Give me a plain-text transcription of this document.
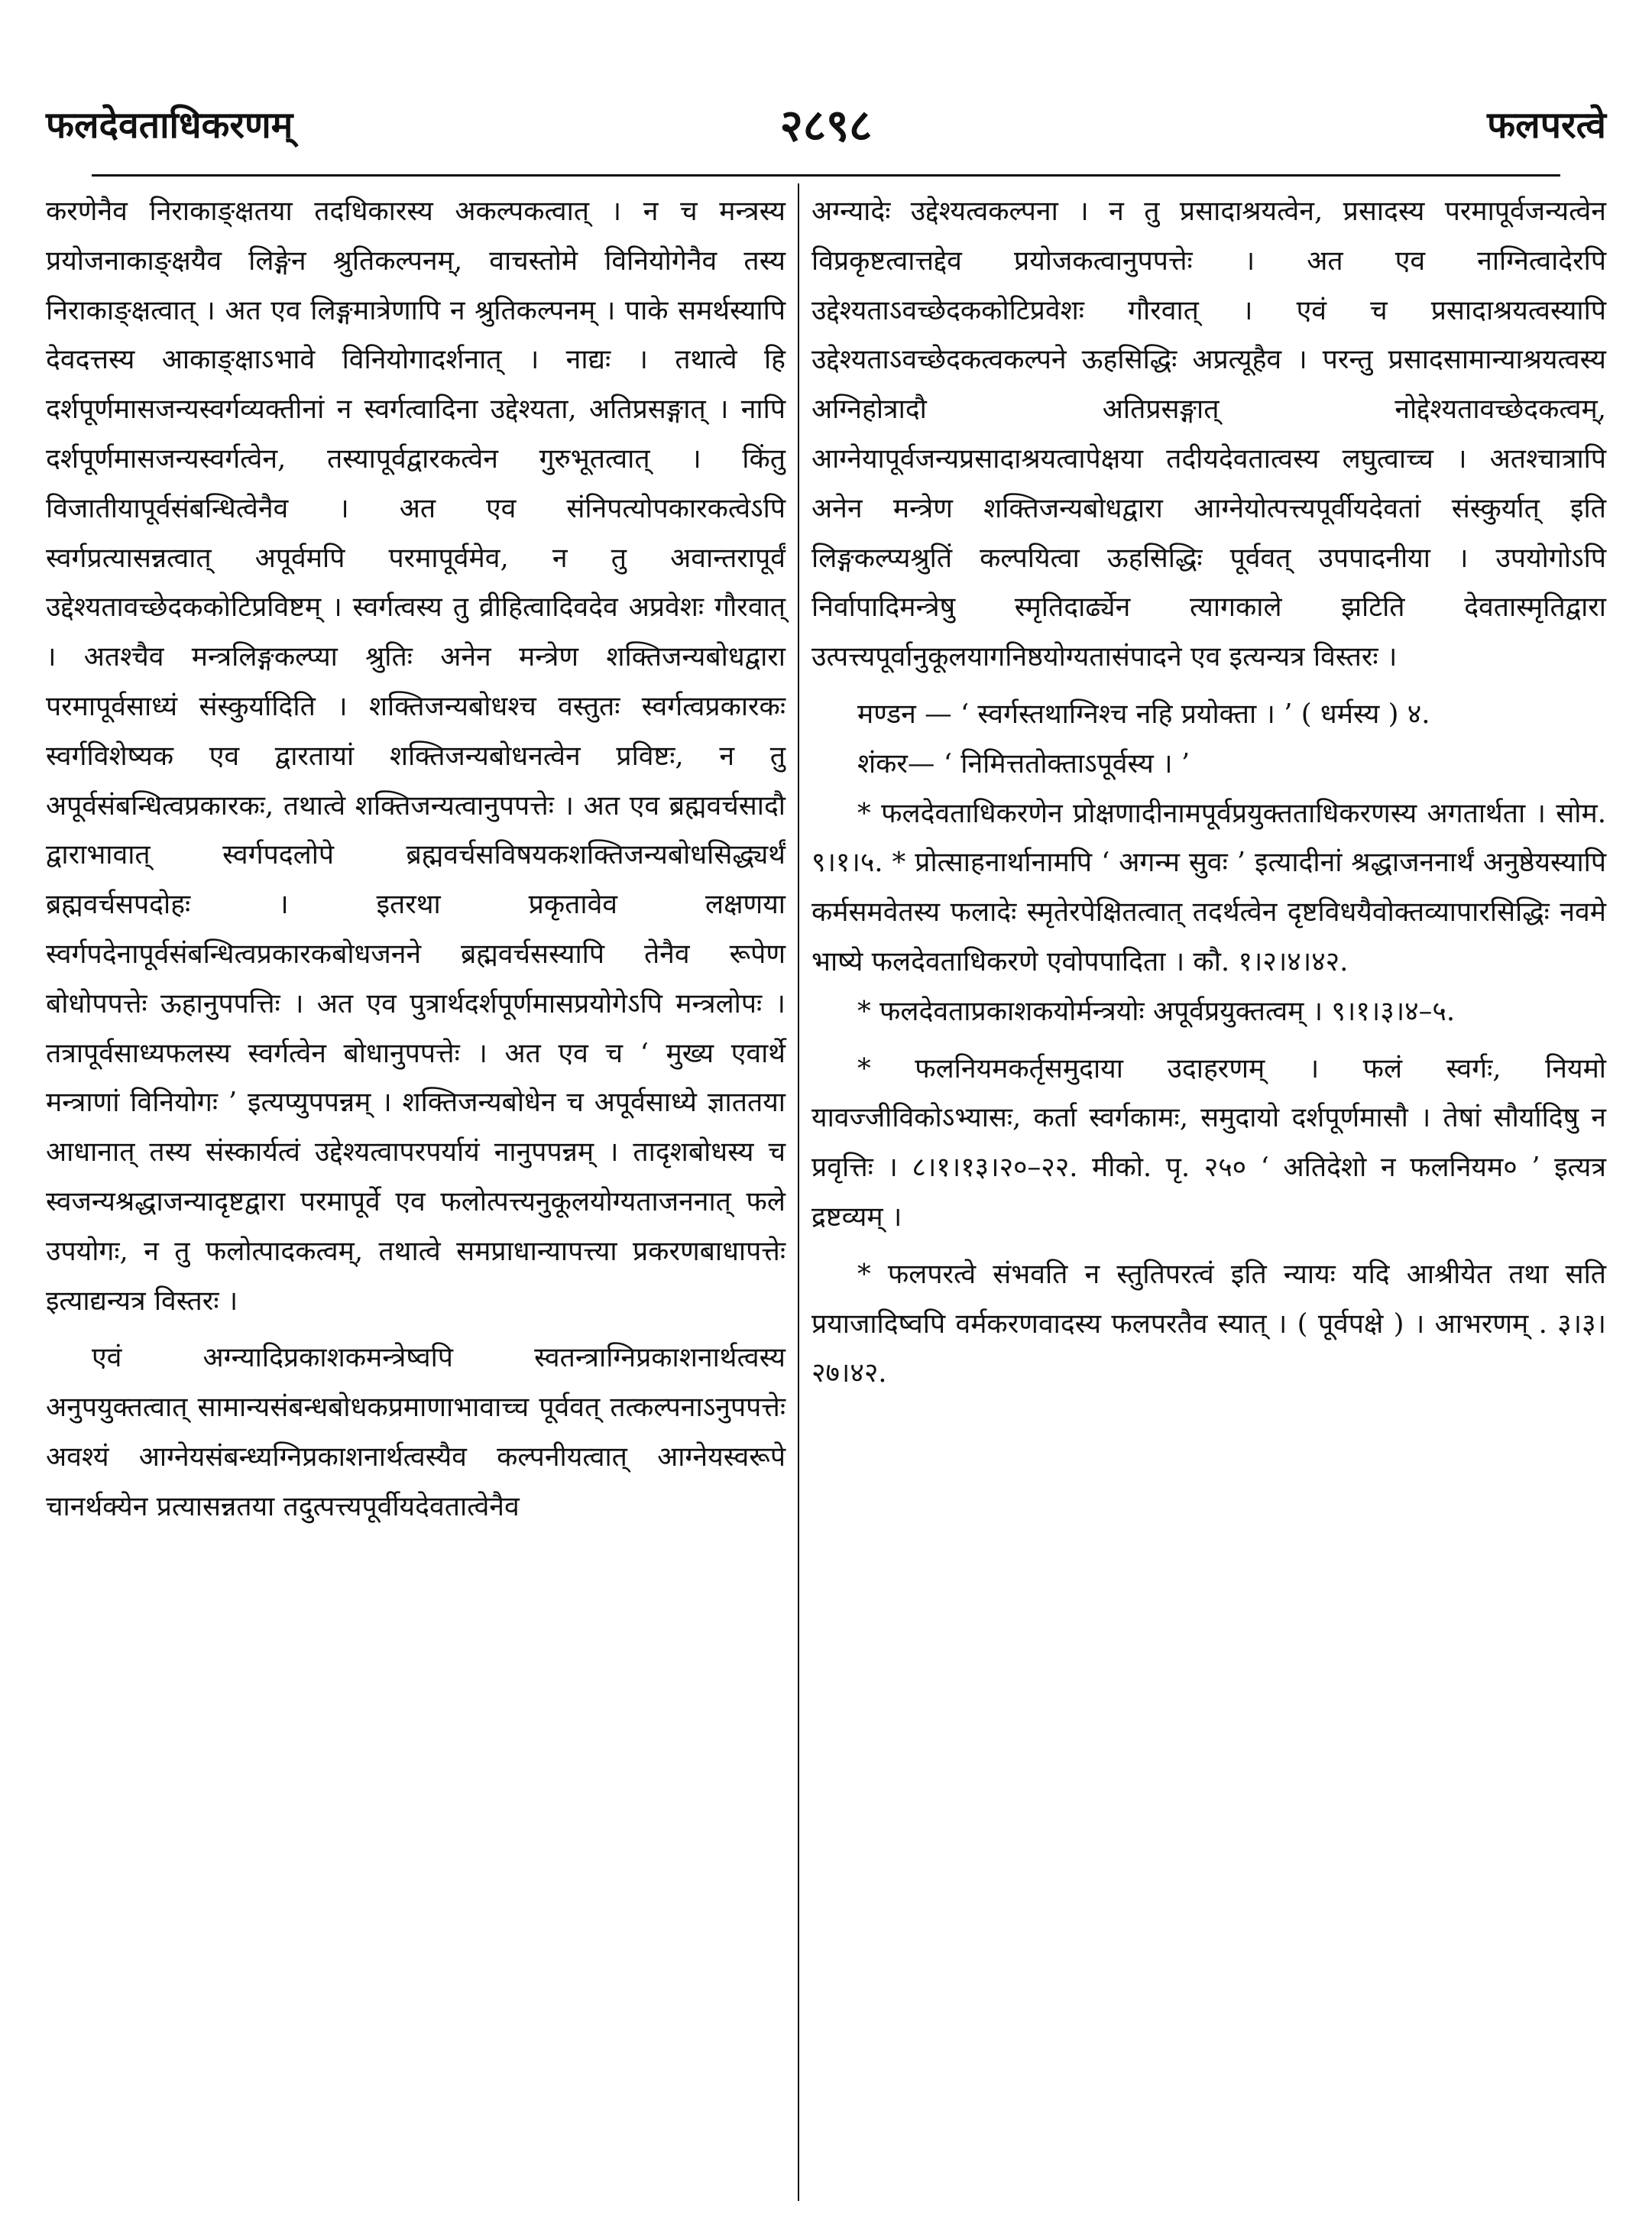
फलदेवताधिकरणम्	२८९८	फलपरत्वे

करणेनैव निराकाङ्क्षतया तदधिकारस्य अकल्पकत्वात् । न च मन्त्रस्य प्रयोजनाकाङ्क्षयैव लिङ्गेन श्रुतिकल्पनम्, वाचस्तोमे विनियोगेनैव तस्य निराकाङ्क्षत्वात् । अत एव लिङ्गमात्रेणापि न श्रुतिकल्पनम् । पाके समर्थस्यापि देवदत्तस्य आकाङ्क्षाऽभावे विनियोगादर्शनात् । नाद्यः । तथात्वे हि दर्शपूर्णमासजन्यस्वर्गव्यक्तीनां न स्वर्गत्वादिना उद्देश्यता, अतिप्रसङ्गात् । नापि दर्शपूर्णमासजन्यस्वर्गत्वेन, तस्यापूर्वद्वारकत्वेन गुरुभूतत्वात् । किंतु विजातीयापूर्वसंबन्धित्वेनैव । अत एव संनिपत्योपकारकत्वेऽपि स्वर्गप्रत्यासन्नत्वात् अपूर्वमपि परमापूर्वमेव, न तु अवान्तरापूर्वं उद्देश्यतावच्छेदककोटिप्रविष्टम् । स्वर्गत्वस्य तु व्रीहित्वादिवदेव अप्रवेशः गौरवात् । अतश्चैव मन्त्रलिङ्गकल्प्या श्रुतिः अनेन मन्त्रेण शक्तिजन्यबोधद्वारा परमापूर्वसाध्यं संस्कुर्यादिति । शक्तिजन्यबोधश्च वस्तुतः स्वर्गत्वप्रकारकः स्वर्गविशेष्यक एव द्वारतायां शक्तिजन्यबोधनत्वेन प्रविष्टः, न तु अपूर्वसंबन्धित्वप्रकारकः, तथात्वे शक्तिजन्यत्वानुपपत्तेः । अत एव ब्रह्मवर्चसादौ द्वाराभावात् स्वर्गपदलोपे ब्रह्मवर्चसविषयकशक्तिजन्यबोधसिद्ध्यर्थं ब्रह्मवर्चसपदोहः । इतरथा प्रकृतावेव लक्षणया स्वर्गपदेनापूर्वसंबन्धित्वप्रकारकबोधजनने ब्रह्मवर्चसस्यापि तेनैव रूपेण बोधोपपत्तेः ऊहानुपपत्तिः । अत एव पुत्रार्थदर्शपूर्णमासप्रयोगेऽपि मन्त्रलोपः । तत्रापूर्वसाध्यफलस्य स्वर्गत्वेन बोधानुपपत्तेः । अत एव च ‘ मुख्य एवार्थे मन्त्राणां विनियोगः ’ इत्यप्युपपन्नम् । शक्तिजन्यबोधेन च अपूर्वसाध्ये ज्ञाततया आधानात् तस्य संस्कार्यत्वं उद्देश्यत्वापरपर्यायं नानुपपन्नम् । तादृशबोधस्य च स्वजन्यश्रद्धाजन्यादृष्टद्वारा परमापूर्वे एव फलोत्पत्त्यनुकूलयोग्यताजननात् फले उपयोगः, न तु फलोत्पादकत्वम्, तथात्वे समप्राधान्यापत्त्या प्रकरणबाधापत्तेः इत्याद्यन्यत्र विस्तरः ।

एवं अग्न्यादिप्रकाशकमन्त्रेष्वपि स्वतन्त्राग्निप्रकाशनार्थत्वस्य अनुपयुक्तत्वात् सामान्यसंबन्धबोधकप्रमाणाभावाच्च पूर्ववत् तत्कल्पनाऽनुपपत्तेः अवश्यं आग्नेयसंबन्ध्यग्निप्रकाशनार्थत्वस्यैव कल्पनीयत्वात् आग्नेयस्वरूपे चानर्थक्येन प्रत्यासन्नतया तदुत्पत्त्यपूर्वीयदेवतात्वेनैव

अग्न्यादेः उद्देश्यत्वकल्पना । न तु प्रसादाश्रयत्वेन, प्रसादस्य परमापूर्वजन्यत्वेन विप्रकृष्टत्वात्तद्देव प्रयोजकत्वानुपपत्तेः । अत एव नाग्नित्वादेरपि उद्देश्यताऽवच्छेदककोटिप्रवेशः गौरवात् । एवं च प्रसादाश्रयत्वस्यापि उद्देश्यताऽवच्छेदकत्वकल्पने ऊहसिद्धिः अप्रत्यूहैव । परन्तु प्रसादसामान्याश्रयत्वस्य अग्निहोत्रादौ अतिप्रसङ्गात् नोद्देश्यतावच्छेदकत्वम्, आग्नेयापूर्वजन्यप्रसादाश्रयत्वापेक्षया तदीयदेवतात्वस्य लघुत्वाच्च । अतश्चात्रापि अनेन मन्त्रेण शक्तिजन्यबोधद्वारा आग्नेयोत्पत्त्यपूर्वीयदेवतां संस्कुर्यात् इति लिङ्गकल्प्यश्रुतिं कल्पयित्वा ऊहसिद्धिः पूर्ववत् उपपादनीया । उपयोगोऽपि निर्वापादिमन्त्रेषु स्मृतिदार्ढ्येन त्यागकाले झटिति देवतास्मृतिद्वारा उत्पत्त्यपूर्वानुकूलयागनिष्ठयोग्यतासंपादने एव इत्यन्यत्र विस्तरः ।

मण्डन — ‘ स्वर्गस्तथाग्निश्च नहि प्रयोक्ता । ’ ( धर्मस्य ) ४.

शंकर— ‘ निमित्ततोक्ताऽपूर्वस्य । ’

* फलदेवताधिकरणेन प्रोक्षणादीनामपूर्वप्रयुक्तताधिकरणस्य अगतार्थता । सोम. ९।१।५. * प्रोत्साहनार्थानामपि ‘ अगन्म सुवः ’ इत्यादीनां श्रद्धाजननार्थं अनुष्ठेयस्यापि कर्मसमवेतस्य फलादेः स्मृतेरपेक्षितत्वात् तदर्थत्वेन दृष्टविधयैवोक्तव्यापारसिद्धिः नवमे भाष्ये फलदेवताधिकरणे एवोपपादिता । कौ. १।२।४।४२.

* फलदेवताप्रकाशकयोर्मन्त्रयोः अपूर्वप्रयुक्तत्वम् । ९।१।३।४–५.

* फलनियमकर्तृसमुदाया उदाहरणम् । फलं स्वर्गः, नियमो यावज्जीविकोऽभ्यासः, कर्ता स्वर्गकामः, समुदायो दर्शपूर्णमासौ । तेषां सौर्यादिषु न प्रवृत्तिः । ८।१।१३।२०–२२. मीको. पृ. २५० ‘ अतिदेशो न फलनियम० ’ इत्यत्र द्रष्टव्यम् ।

* फलपरत्वे संभवति न स्तुतिपरत्वं इति न्यायः यदि आश्रीयेत तथा सति प्रयाजादिष्वपि वर्मकरणवादस्य फलपरतैव स्यात् । ( पूर्वपक्षे ) । आभरणम् . ३।३।२७।४२.
